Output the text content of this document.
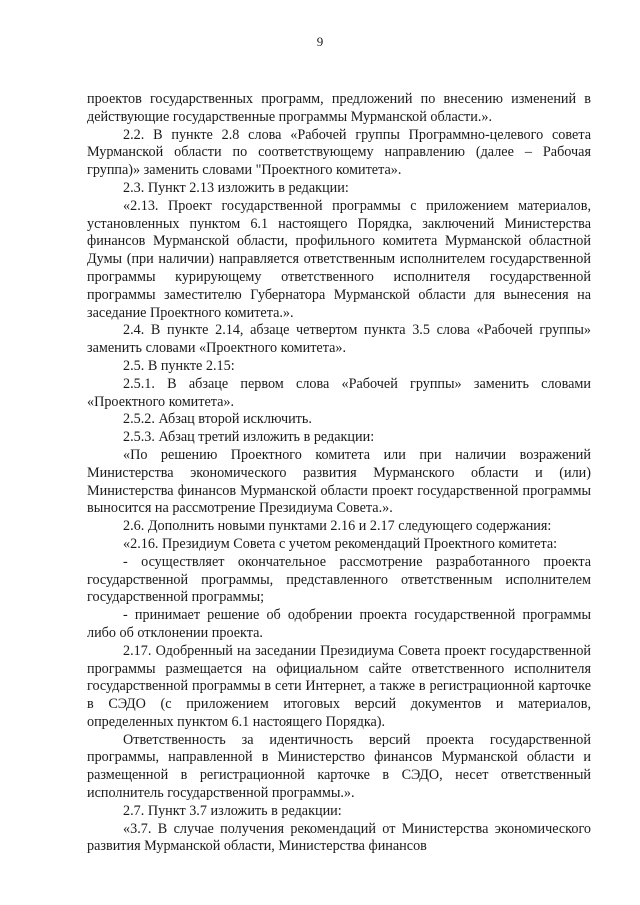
9

проектов государственных программ, предложений по внесению изменений в действующие государственные программы Мурманской области.».

2.2. В пункте 2.8 слова «Рабочей группы Программно-целевого совета Мурманской области по соответствующему направлению (далее – Рабочая группа)» заменить словами "Проектного комитета».

2.3. Пункт 2.13 изложить в редакции:

«2.13. Проект государственной программы с приложением материалов, установленных пунктом 6.1 настоящего Порядка, заключений Министерства финансов Мурманской области, профильного комитета Мурманской областной Думы (при наличии) направляется ответственным исполнителем государственной программы курирующему ответственного исполнителя государственной программы заместителю Губернатора Мурманской области для вынесения на заседание Проектного комитета.».

2.4. В пункте 2.14, абзаце четвертом пункта 3.5 слова «Рабочей группы» заменить словами «Проектного комитета».

2.5. В пункте 2.15:

2.5.1. В абзаце первом слова «Рабочей группы» заменить словами «Проектного комитета».

2.5.2. Абзац второй исключить.

2.5.3. Абзац третий изложить в редакции:

«По решению Проектного комитета или при наличии возражений Министерства экономического развития Мурманского области и (или) Министерства финансов Мурманской области проект государственной программы выносится на рассмотрение Президиума Совета.».

2.6. Дополнить новыми пунктами 2.16 и 2.17 следующего содержания:

«2.16. Президиум Совета с учетом рекомендаций Проектного комитета:

- осуществляет окончательное рассмотрение разработанного проекта государственной программы, представленного ответственным исполнителем государственной программы;

- принимает решение об одобрении проекта государственной программы либо об отклонении проекта.

2.17. Одобренный на заседании Президиума Совета проект государственной программы размещается на официальном сайте ответственного исполнителя государственной программы в сети Интернет, а также в регистрационной карточке в СЭДО (с приложением итоговых версий документов и материалов, определенных пунктом 6.1 настоящего Порядка).

Ответственность за идентичность версий проекта государственной программы, направленной в Министерство финансов Мурманской области и размещенной в регистрационной карточке в СЭДО, несет ответственный исполнитель государственной программы.».

2.7. Пункт 3.7 изложить в редакции:

«3.7. В случае получения рекомендаций от Министерства экономического развития Мурманской области, Министерства финансов
